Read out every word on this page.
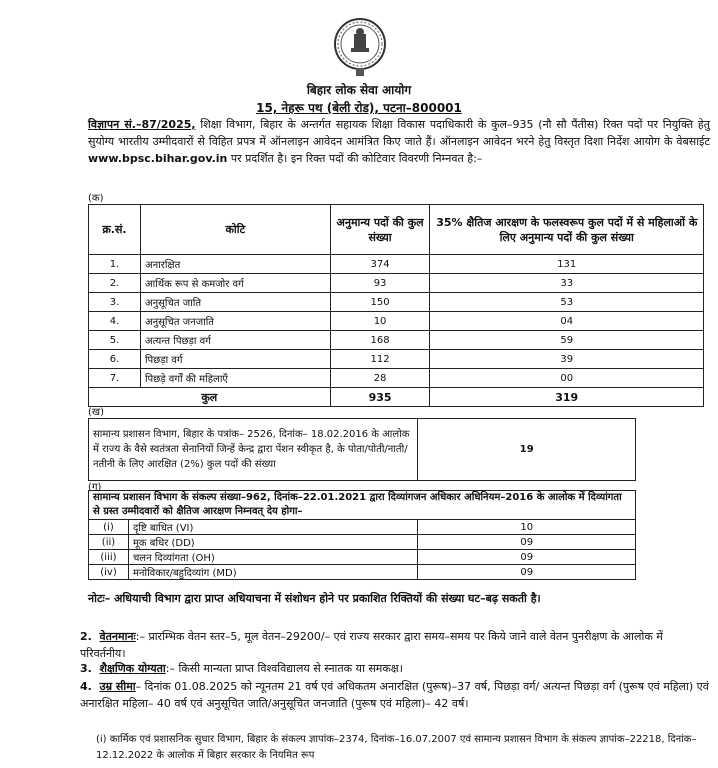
बिहार लोक सेवा आयोग
15, नेहरू पथ (बेली रोड), पटना–800001
विज्ञापन सं.–87/2025, शिक्षा विभाग, बिहार के अन्तर्गत सहायक शिक्षा विकास पदाधिकारी के कुल–935 (नौ सौ पैंतीस) रिक्त पदों पर नियुक्ति हेतु सुयोग्य भारतीय उम्मीदवारों से विहित प्रपत्र में ऑनलाइन आवेदन आमंत्रित किए जाते हैं। ऑनलाइन आवेदन भरने हेतु विस्तृत दिशा निर्देश आयोग के वेबसाईट www.bpsc.bihar.gov.in पर प्रदर्शित है। इन रिक्त पदों की कोटिवार विवरणी निम्नवत है:–
(क)
क्र.सं.	कोटि	अनुमान्य पदों की कुल संख्या	35% क्षैतिज आरक्षण के फलस्वरूप कुल पदों में से महिलाओं के लिए अनुमान्य पदों की कुल संख्या
1.	अनारक्षित	374	131
2.	आर्थिक रूप से कमजोर वर्ग	93	33
3.	अनुसूचित जाति	150	53
4.	अनुसूचित जनजाति	10	04
5.	अत्यन्त पिछड़ा वर्ग	168	59
6.	पिछड़ा वर्ग	112	39
7.	पिछड़े वर्गों की महिलाएँ	28	00
कुल		935	319
(ख)
सामान्य प्रशासन विभाग, बिहार के पत्रांक– 2526, दिनांक– 18.02.2016 के आलोक में राज्य के वैसे स्वतंत्रता सेनानियों जिन्हें केन्द्र द्वारा पेंशन स्वीकृत है, के पोता/पोती/नाती/ नतीनी के लिए आरक्षित (2%) कुल पदों की संख्या	19
(ग)
सामान्य प्रशासन विभाग के संकल्प संख्या–962, दिनांक–22.01.2021 द्वारा दिव्यांगजन अधिकार अधिनियम–2016 के आलोक में दिव्यांगता से ग्रस्त उम्मीदवारों को क्षैतिज आरक्षण निम्नवत् देय होगा–		
(i)	दृष्टि बाधित (VI)	10
(ii)	मूक बधिर (DD)	09
(iii)	चलन दिव्यांगता (OH)	09
(iv)	मनोविकार/बहुदिव्यांग (MD)	09
नोटः– अधियाची विभाग द्वारा प्राप्त अधियाचना में संशोधन होने पर प्रकाशित रिक्तियों की संख्या घट–बढ़ सकती है।
2. वेतनमानः:– प्रारम्भिक वेतन स्तर–5, मूल वेतन–29200/– एवं राज्य सरकार द्वारा समय–समय पर किये जाने वाले वेतन पुनरीक्षण के आलोक में परिवर्तनीय।
3. शैक्षणिक योग्यता:– किसी मान्यता प्राप्त विश्वविद्यालय से स्नातक या समकक्ष।
4. उम्र सीमा– दिनांक 01.08.2025 को न्यूनतम 21 वर्ष एवं अधिकतम अनारक्षित (पुरूष)–37 वर्ष, पिछड़ा वर्ग/ अत्यन्त पिछड़ा वर्ग (पुरूष एवं महिला) एवं अनारक्षित महिला– 40 वर्ष एवं अनुसूचित जाति/अनुसूचित जनजाति (पुरूष एवं महिला)– 42 वर्ष।
(i) कार्मिक एवं प्रशासनिक सुधार विभाग, बिहार के संकल्प ज्ञापांक–2374, दिनांक–16.07.2007 एवं सामान्य प्रशासन विभाग के संकल्प ज्ञापांक–22218, दिनांक–12.12.2022 के आलोक में बिहार सरकार के नियमित रूप
